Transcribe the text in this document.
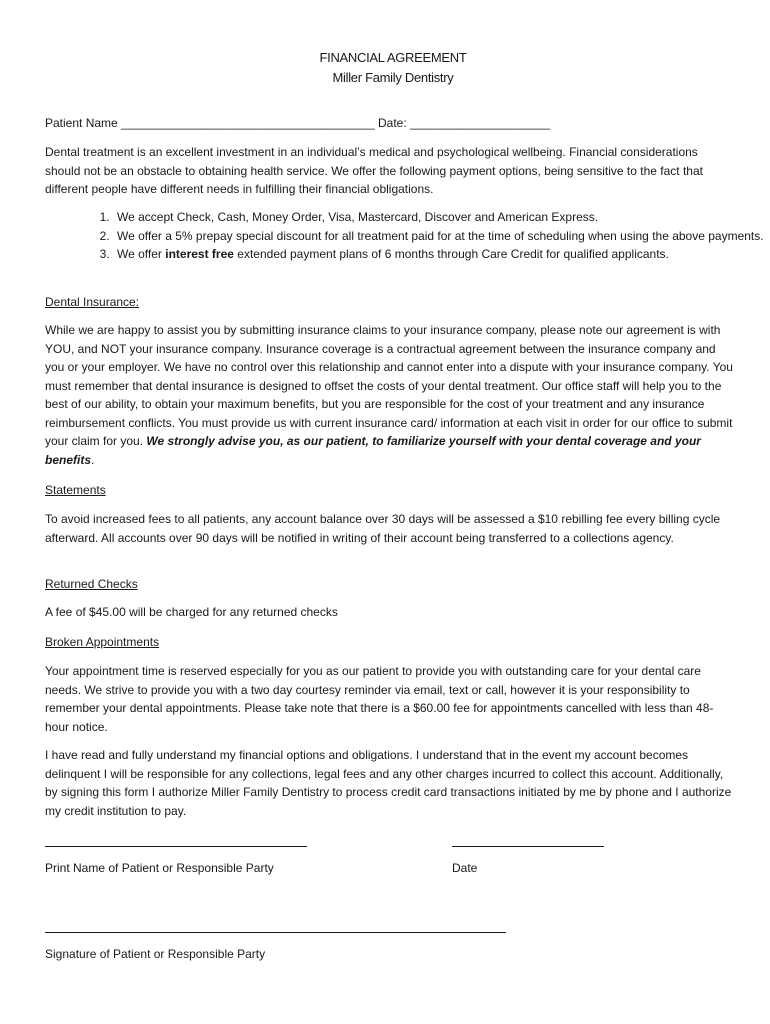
FINANCIAL AGREEMENT
Miller Family Dentistry
Patient Name ______________________________________ Date: _____________________
Dental treatment is an excellent investment in an individual’s medical and psychological wellbeing. Financial considerations should not be an obstacle to obtaining health service. We offer the following payment options, being sensitive to the fact that different people have different needs in fulfilling their financial obligations.
1. We accept Check, Cash, Money Order, Visa, Mastercard, Discover and American Express.
2. We offer a 5% prepay special discount for all treatment paid for at the time of scheduling when using the above payments.
3. We offer interest free extended payment plans of 6 months through Care Credit for qualified applicants.
Dental Insurance:
While we are happy to assist you by submitting insurance claims to your insurance company, please note our agreement is with YOU, and NOT your insurance company. Insurance coverage is a contractual agreement between the insurance company and you or your employer. We have no control over this relationship and cannot enter into a dispute with your insurance company. You must remember that dental insurance is designed to offset the costs of your dental treatment. Our office staff will help you to the best of our ability, to obtain your maximum benefits, but you are responsible for the cost of your treatment and any insurance reimbursement conflicts. You must provide us with current insurance card/ information at each visit in order for our office to submit your claim for you. We strongly advise you, as our patient, to familiarize yourself with your dental coverage and your benefits.
Statements
To avoid increased fees to all patients, any account balance over 30 days will be assessed a $10 rebilling fee every billing cycle afterward. All accounts over 90 days will be notified in writing of their account being transferred to a collections agency.
Returned Checks
A fee of $45.00 will be charged for any returned checks
Broken Appointments
Your appointment time is reserved especially for you as our patient to provide you with outstanding care for your dental care needs. We strive to provide you with a two day courtesy reminder via email, text or call, however it is your responsibility to remember your dental appointments. Please take note that there is a $60.00 fee for appointments cancelled with less than 48-hour notice.
I have read and fully understand my financial options and obligations. I understand that in the event my account becomes delinquent I will be responsible for any collections, legal fees and any other charges incurred to collect this account. Additionally, by signing this form I authorize Miller Family Dentistry to process credit card transactions initiated by me by phone and I authorize my credit institution to pay.
Print Name of Patient or Responsible Party	Date
Signature of Patient or Responsible Party
